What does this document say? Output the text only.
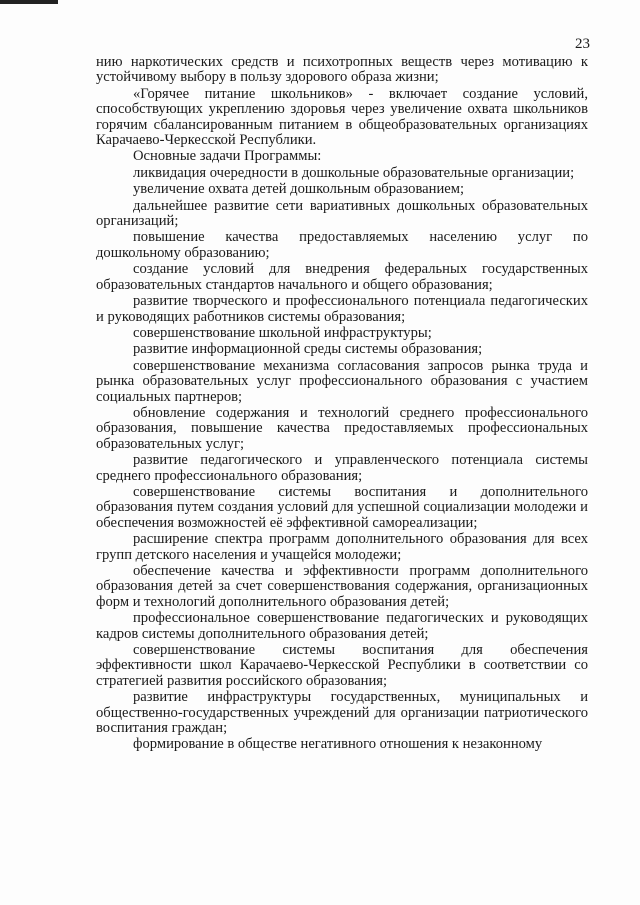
23

нию наркотических средств и психотропных веществ через мотивацию к устойчивому выбору в пользу здорового образа жизни;

«Горячее питание школьников» - включает создание условий, способствующих укреплению здоровья через увеличение охвата школьников горячим сбалансированным питанием в общеобразовательных организациях Карачаево-Черкесской Республики.

Основные задачи Программы:

ликвидация очередности в дошкольные образовательные организации;

увеличение охвата детей дошкольным образованием;

дальнейшее развитие сети вариативных дошкольных образовательных организаций;

повышение качества предоставляемых населению услуг по дошкольному образованию;

создание условий для внедрения федеральных государственных образовательных стандартов начального и общего образования;

развитие творческого и профессионального потенциала педагогических и руководящих работников системы образования;

совершенствование школьной инфраструктуры;

развитие информационной среды системы образования;

совершенствование механизма согласования запросов рынка труда и рынка образовательных услуг профессионального образования с участием социальных партнеров;

обновление содержания и технологий среднего профессионального образования, повышение качества предоставляемых профессиональных образовательных услуг;

развитие педагогического и управленческого потенциала системы среднего профессионального образования;

совершенствование системы воспитания и дополнительного образования путем создания условий для успешной социализации молодежи и обеспечения возможностей её эффективной самореализации;

расширение спектра программ дополнительного образования для всех групп детского населения и учащейся молодежи;

обеспечение качества и эффективности программ дополнительного образования детей за счет совершенствования содержания, организационных форм и технологий дополнительного образования детей;

профессиональное совершенствование педагогических и руководящих кадров системы дополнительного образования детей;

совершенствование системы воспитания для обеспечения эффективности школ Карачаево-Черкесской Республики в соответствии со стратегией развития российского образования;

развитие инфраструктуры государственных, муниципальных и общественно-государственных учреждений для организации патриотического воспитания граждан;

формирование в обществе негативного отношения к незаконному
